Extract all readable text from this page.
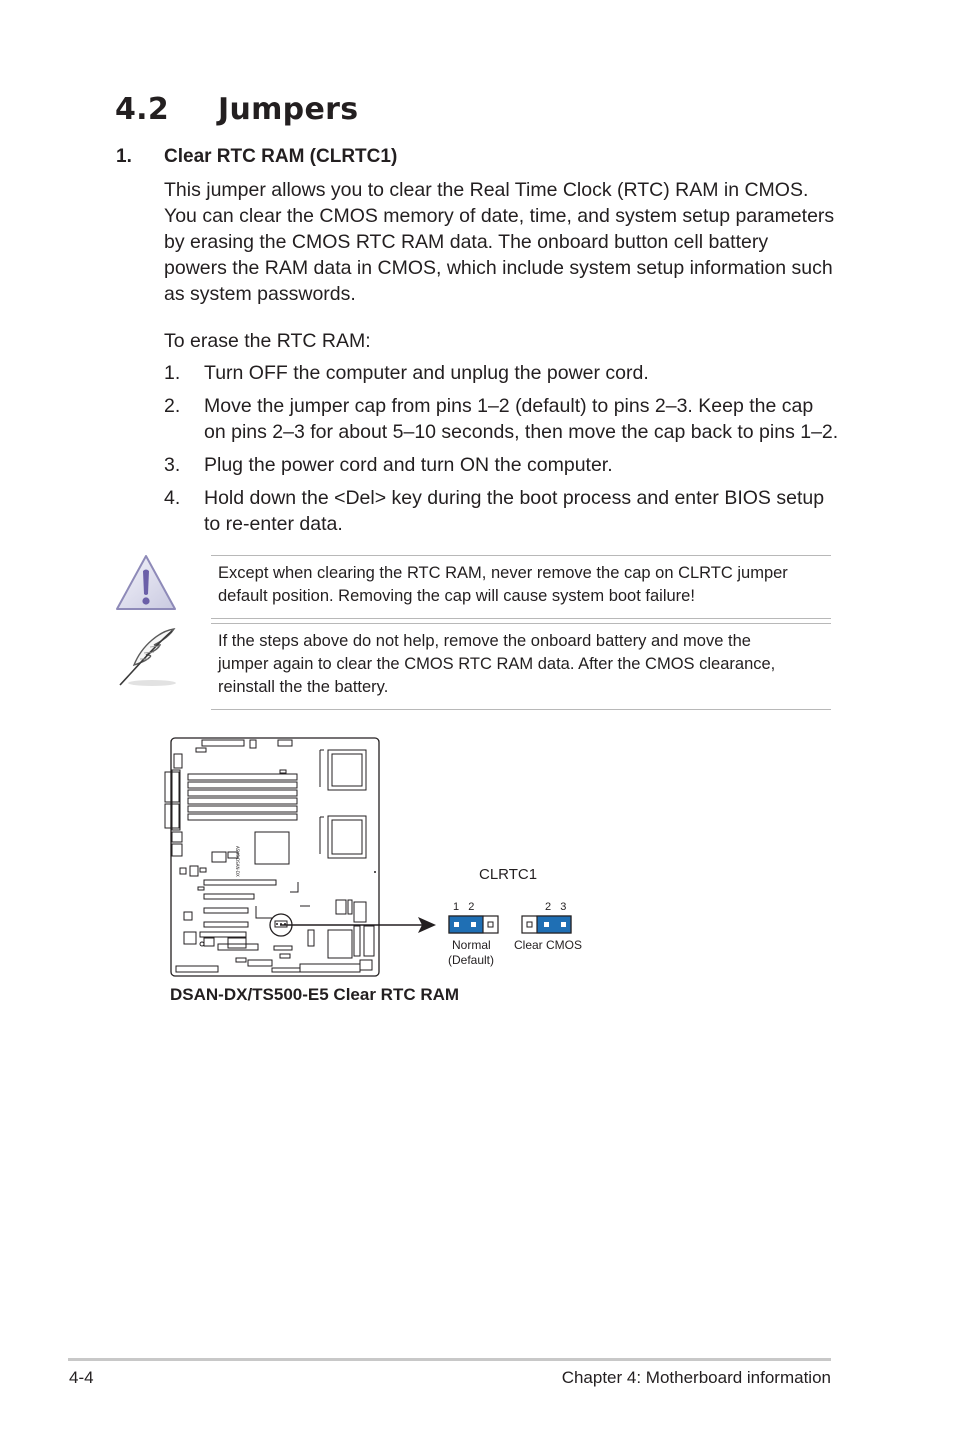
4.2 Jumpers
1. Clear RTC RAM (CLRTC1)
This jumper allows you to clear the Real Time Clock (RTC) RAM in CMOS.
You can clear the CMOS memory of date, time, and system setup parameters
by erasing the CMOS RTC RAM data. The onboard button cell battery
powers the RAM data in CMOS, which include system setup information such
as system passwords.
To erase the RTC RAM:
1. Turn OFF the computer and unplug the power cord.
2. Move the jumper cap from pins 1–2 (default) to pins 2–3. Keep the cap
on pins 2–3 for about 5–10 seconds, then move the cap back to pins 1–2.
3. Plug the power cord and turn ON the computer.
4. Hold down the <Del> key during the boot process and enter BIOS setup
to re-enter data.
Except when clearing the RTC RAM, never remove the cap on CLRTC jumper
default position. Removing the cap will cause system boot failure!
If the steps above do not help, remove the onboard battery and move the
jumper again to clear the CMOS RTC RAM data. After the CMOS clearance,
reinstall the the battery.
ASUS DSAN-DX	CLRTC1
1   2
Normal
(Default)
2   3
Clear CMOS
DSAN-DX/TS500-E5 Clear RTC RAM
4-4	Chapter 4: Motherboard information
